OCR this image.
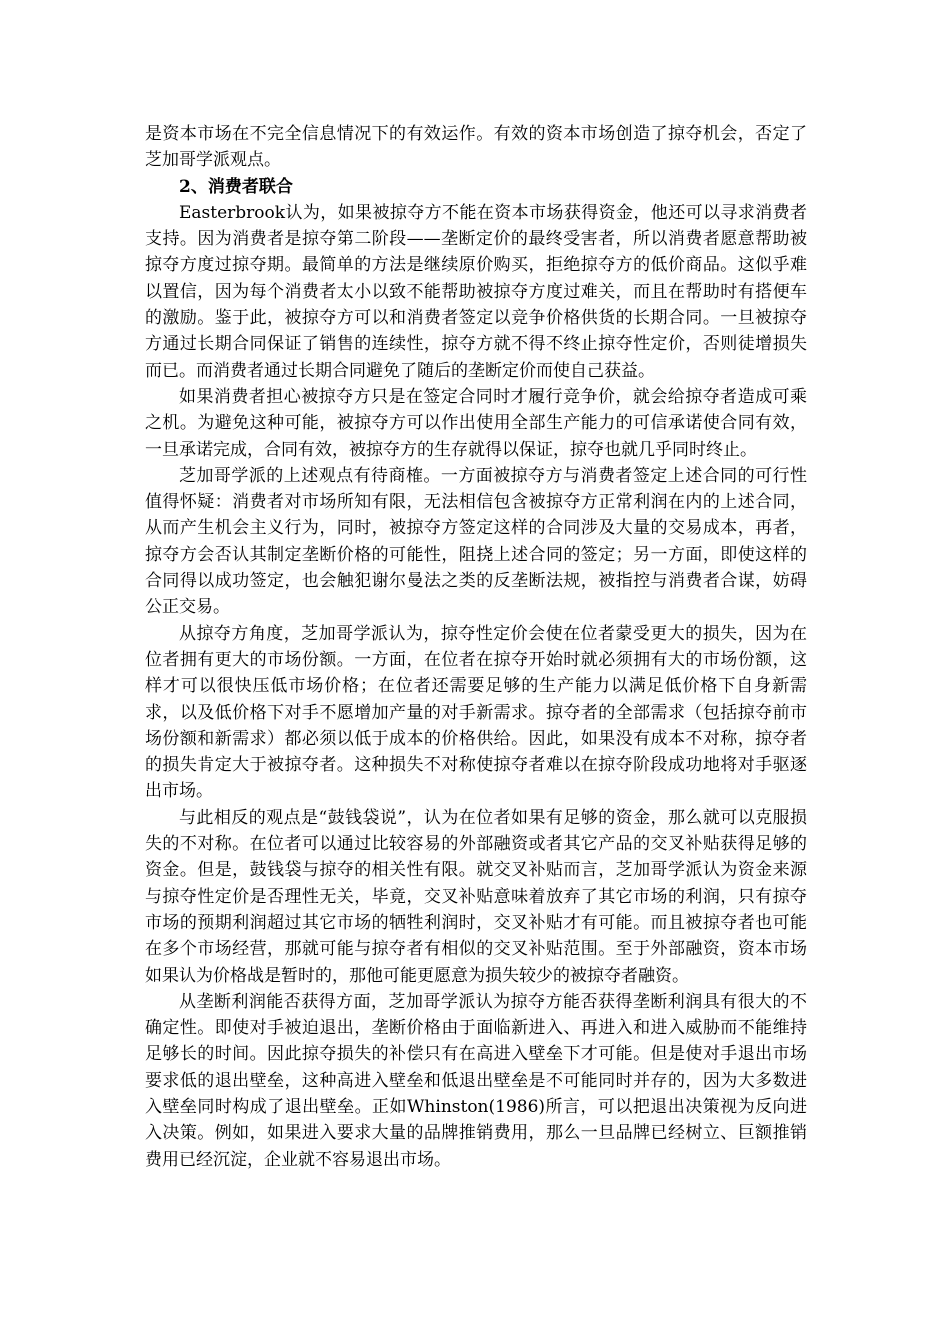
是资本市场在不完全信息情况下的有效运作。有效的资本市场创造了掠夺机会，否定了芝加哥学派观点。

2、消费者联合

Easterbrook认为，如果被掠夺方不能在资本市场获得资金，他还可以寻求消费者支持。因为消费者是掠夺第二阶段——垄断定价的最终受害者，所以消费者愿意帮助被掠夺方度过掠夺期。最简单的方法是继续原价购买，拒绝掠夺方的低价商品。这似乎难以置信，因为每个消费者太小以致不能帮助被掠夺方度过难关，而且在帮助时有搭便车的激励。鉴于此，被掠夺方可以和消费者签定以竞争价格供货的长期合同。一旦被掠夺方通过长期合同保证了销售的连续性，掠夺方就不得不终止掠夺性定价，否则徒增损失而已。而消费者通过长期合同避免了随后的垄断定价而使自己获益。

如果消费者担心被掠夺方只是在签定合同时才履行竞争价，就会给掠夺者造成可乘之机。为避免这种可能，被掠夺方可以作出使用全部生产能力的可信承诺使合同有效，一旦承诺完成，合同有效，被掠夺方的生存就得以保证，掠夺也就几乎同时终止。

芝加哥学派的上述观点有待商榷。一方面被掠夺方与消费者签定上述合同的可行性值得怀疑：消费者对市场所知有限，无法相信包含被掠夺方正常利润在内的上述合同，从而产生机会主义行为，同时，被掠夺方签定这样的合同涉及大量的交易成本，再者，掠夺方会否认其制定垄断价格的可能性，阻挠上述合同的签定；另一方面，即使这样的合同得以成功签定，也会触犯谢尔曼法之类的反垄断法规，被指控与消费者合谋，妨碍公正交易。

从掠夺方角度，芝加哥学派认为，掠夺性定价会使在位者蒙受更大的损失，因为在位者拥有更大的市场份额。一方面，在位者在掠夺开始时就必须拥有大的市场份额，这样才可以很快压低市场价格；在位者还需要足够的生产能力以满足低价格下自身新需求，以及低价格下对手不愿增加产量的对手新需求。掠夺者的全部需求（包括掠夺前市场份额和新需求）都必须以低于成本的价格供给。因此，如果没有成本不对称，掠夺者的损失肯定大于被掠夺者。这种损失不对称使掠夺者难以在掠夺阶段成功地将对手驱逐出市场。

与此相反的观点是“鼓钱袋说”，认为在位者如果有足够的资金，那么就可以克服损失的不对称。在位者可以通过比较容易的外部融资或者其它产品的交叉补贴获得足够的资金。但是，鼓钱袋与掠夺的相关性有限。就交叉补贴而言，芝加哥学派认为资金来源与掠夺性定价是否理性无关，毕竟，交叉补贴意味着放弃了其它市场的利润，只有掠夺市场的预期利润超过其它市场的牺牲利润时，交叉补贴才有可能。而且被掠夺者也可能在多个市场经营，那就可能与掠夺者有相似的交叉补贴范围。至于外部融资，资本市场如果认为价格战是暂时的，那他可能更愿意为损失较少的被掠夺者融资。

从垄断利润能否获得方面，芝加哥学派认为掠夺方能否获得垄断利润具有很大的不确定性。即使对手被迫退出，垄断价格由于面临新进入、再进入和进入威胁而不能维持足够长的时间。因此掠夺损失的补偿只有在高进入壁垒下才可能。但是使对手退出市场要求低的退出壁垒，这种高进入壁垒和低退出壁垒是不可能同时并存的，因为大多数进入壁垒同时构成了退出壁垒。正如Whinston(1986)所言，可以把退出决策视为反向进入决策。例如，如果进入要求大量的品牌推销费用，那么一旦品牌已经树立、巨额推销费用已经沉淀，企业就不容易退出市场。
